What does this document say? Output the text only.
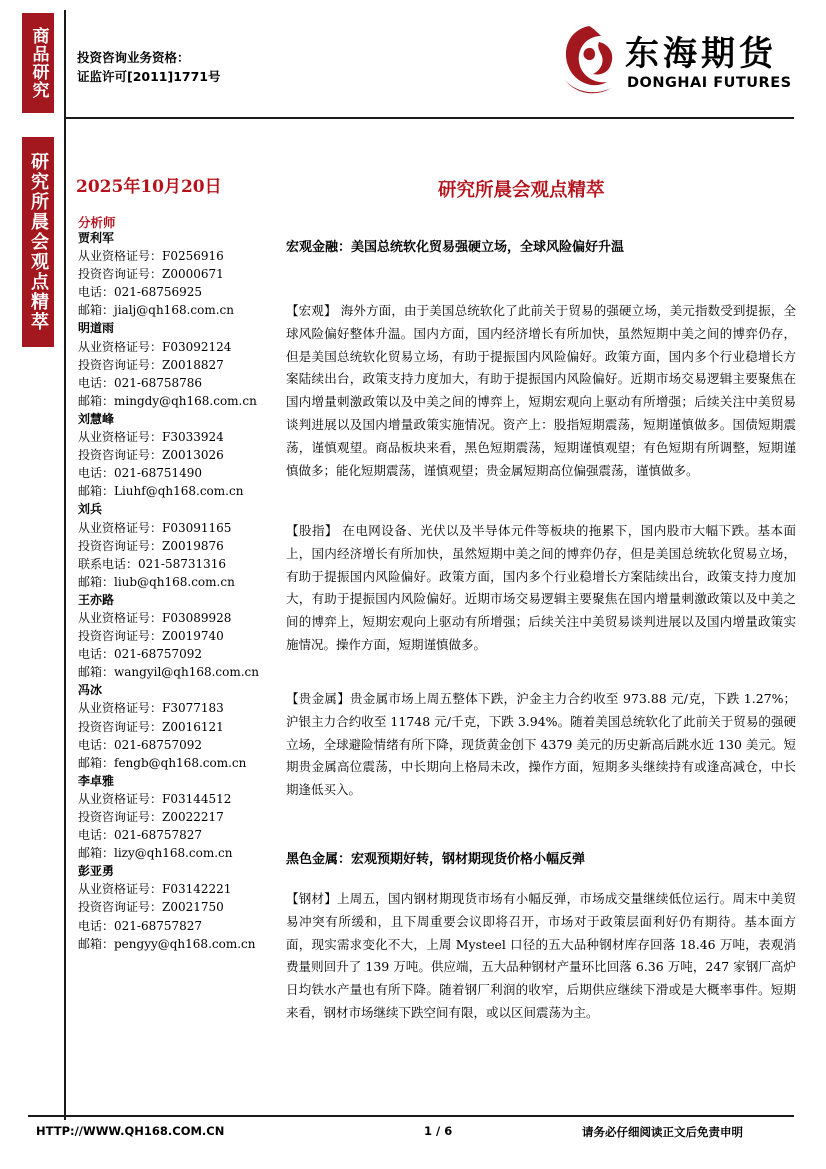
商品研究
研究所晨会观点精萃
投资咨询业务资格：
证监许可[2011]1771号
东海期货
DONGHAI FUTURES
2025年10月20日	研究所晨会观点精萃
分析师
贾利军
从业资格证号：F0256916
投资咨询证号：Z0000671
电话：021-68756925
邮箱：jialj@qh168.com.cn
明道雨
从业资格证号：F03092124
投资咨询证号：Z0018827
电话：021-68758786
邮箱：mingdy@qh168.com.cn
刘慧峰
从业资格证号：F3033924
投资咨询证号：Z0013026
电话：021-68751490
邮箱：Liuhf@qh168.com.cn
刘兵
从业资格证号：F03091165
投资咨询证号：Z0019876
联系电话：021-58731316
邮箱：liub@qh168.com.cn
王亦路
从业资格证号：F03089928
投资咨询证号：Z0019740
电话：021-68757092
邮箱：wangyil@qh168.com.cn
冯冰
从业资格证号：F3077183
投资咨询证号：Z0016121
电话：021-68757092
邮箱：fengb@qh168.com.cn
李卓雅
从业资格证号：F03144512
投资咨询证号：Z0022217
电话：021-68757827
邮箱：lizy@qh168.com.cn
彭亚勇
从业资格证号：F03142221
投资咨询证号：Z0021750
电话：021-68757827
邮箱：pengyy@qh168.com.cn
宏观金融：美国总统软化贸易强硬立场，全球风险偏好升温
【宏观】 海外方面，由于美国总统软化了此前关于贸易的强硬立场，美元指数受到提振，全球风险偏好整体升温。国内方面，国内经济增长有所加快，虽然短期中美之间的博弈仍存，但是美国总统软化贸易立场，有助于提振国内风险偏好。政策方面，国内多个行业稳增长方案陆续出台，政策支持力度加大，有助于提振国内风险偏好。近期市场交易逻辑主要聚焦在国内增量刺激政策以及中美之间的博弈上，短期宏观向上驱动有所增强；后续关注中美贸易谈判进展以及国内增量政策实施情况。资产上：股指短期震荡，短期谨慎做多。国债短期震荡，谨慎观望。商品板块来看，黑色短期震荡，短期谨慎观望；有色短期有所调整，短期谨慎做多；能化短期震荡，谨慎观望；贵金属短期高位偏强震荡，谨慎做多。
【股指】 在电网设备、光伏以及半导体元件等板块的拖累下，国内股市大幅下跌。基本面上，国内经济增长有所加快，虽然短期中美之间的博弈仍存，但是美国总统软化贸易立场，有助于提振国内风险偏好。政策方面，国内多个行业稳增长方案陆续出台，政策支持力度加大，有助于提振国内风险偏好。近期市场交易逻辑主要聚焦在国内增量刺激政策以及中美之间的博弈上，短期宏观向上驱动有所增强；后续关注中美贸易谈判进展以及国内增量政策实施情况。操作方面，短期谨慎做多。
【贵金属】贵金属市场上周五整体下跌，沪金主力合约收至 973.88 元/克，下跌 1.27%；沪银主力合约收至 11748 元/千克，下跌 3.94%。随着美国总统软化了此前关于贸易的强硬立场，全球避险情绪有所下降，现货黄金创下 4379 美元的历史新高后跳水近 130 美元。短期贵金属高位震荡，中长期向上格局未改，操作方面，短期多头继续持有或逢高减仓，中长期逢低买入。
黑色金属：宏观预期好转，钢材期现货价格小幅反弹
【钢材】上周五，国内钢材期现货市场有小幅反弹，市场成交量继续低位运行。周末中美贸易冲突有所缓和，且下周重要会议即将召开，市场对于政策层面利好仍有期待。基本面方面，现实需求变化不大，上周 Mysteel 口径的五大品种钢材库存回落 18.46 万吨，表观消费量则回升了 139 万吨。供应端，五大品种钢材产量环比回落 6.36 万吨，247 家钢厂高炉日均铁水产量也有所下降。随着钢厂利润的收窄，后期供应继续下滑或是大概率事件。短期来看，钢材市场继续下跌空间有限，或以区间震荡为主。
HTTP://WWW.QH168.COM.CN	1 / 6	请务必仔细阅读正文后免责申明
